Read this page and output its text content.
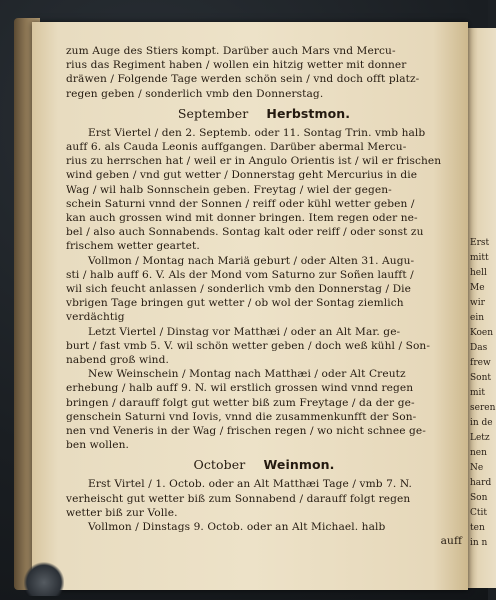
Erst
mitt
hell
Me
wir
ein
Koen
Das
frew
Sont
mit
seren
in de
Letz
nen
Ne
hard
Son
Ctit
ten
in n
zum Auge des Stiers kompt. Darüber auch Mars vnd Mercu-
rius das Regiment haben / wollen ein hitzig wetter mit donner
dräwen / Folgende Tage werden schön sein / vnd doch offt platz-
regen geben / sonderlich vmb den Donnerstag.
September Herbstmon.
Erst Viertel / den 2. Septemb. oder 11. Sontag Trin. vmb halb
auff 6. als Cauda Leonis auffgangen. Darüber abermal Mercu-
rius zu herrschen hat / weil er in Angulo Orientis ist / wil er frischen
wind geben / vnd gut wetter / Donnerstag geht Mercurius in die
Wag / wil halb Sonnschein geben. Freytag / wiel der gegen-
schein Saturni vnnd der Sonnen / reiff oder kühl wetter geben /
kan auch grossen wind mit donner bringen. Item regen oder ne-
bel / also auch Sonnabends. Sontag kalt oder reiff / oder sonst zu
frischem wetter geartet.
Vollmon / Montag nach Mariä geburt / oder Alten 31. Augu-
sti / halb auff 6. V. Als der Mond vom Saturno zur Soñen laufft /
wil sich feucht anlassen / sonderlich vmb den Donnerstag / Die
vbrigen Tage bringen gut wetter / ob wol der Sontag ziemlich
verdächtig
Letzt Viertel / Dinstag vor Matthæi / oder an Alt Mar. ge-
burt / fast vmb 5. V. wil schön wetter geben / doch weß kühl / Son-
nabend groß wind.
New Weinschein / Montag nach Matthæi / oder Alt Creutz
erhebung / halb auff 9. N. wil erstlich grossen wind vnnd regen
bringen / darauff folgt gut wetter biß zum Freytage / da der ge-
genschein Saturni vnd Iovis, vnnd die zusammenkunfft der Son-
nen vnd Veneris in der Wag / frischen regen / wo nicht schnee ge-
ben wollen.
October Weinmon.
Erst Virtel / 1. Octob. oder an Alt Matthæi Tage / vmb 7. N.
verheischt gut wetter biß zum Sonnabend / darauff folgt regen
wetter biß zur Volle.
Vollmon / Dinstags 9. Octob. oder an Alt Michael. halb
auff
